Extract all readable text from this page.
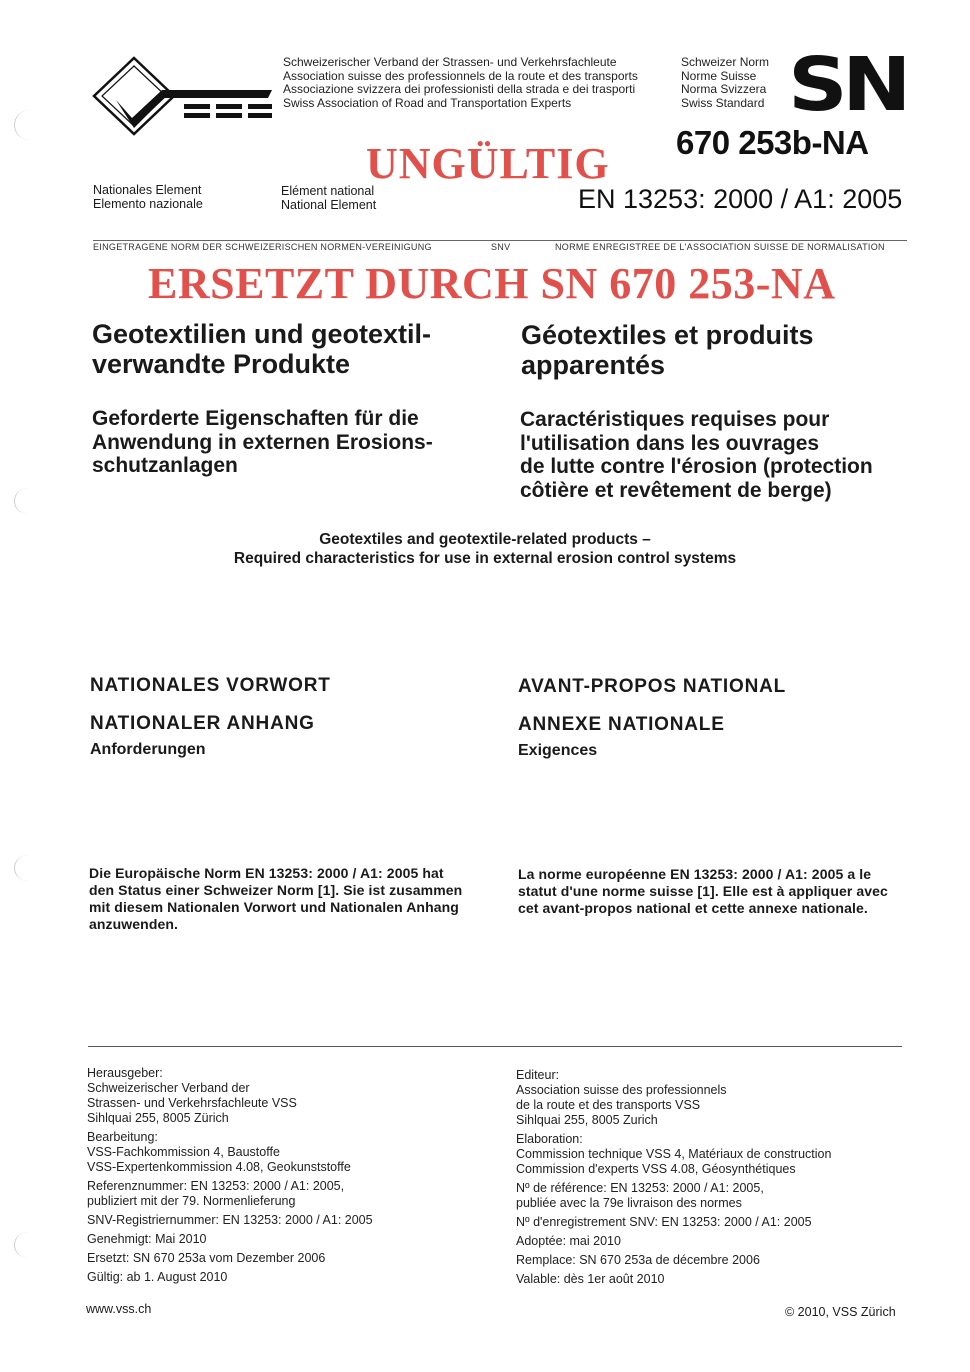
Schweizerischer Verband der Strassen- und Verkehrsfachleute
Association suisse des professionnels de la route et des transports
Associazione svizzera dei professionisti della strada e dei trasporti
Swiss Association of Road and Transportation Experts
Schweizer Norm
Norme Suisse
Norma Svizzera
Swiss Standard SN
670 253b-NA
UNGÜLTIG
Nationales Element
Elemento nazionale
Elément national
National Element	EN 13253: 2000 / A1: 2005
EINGETRAGENE NORM DER SCHWEIZERISCHEN NORMEN-VEREINIGUNG	SNV	NORME ENREGISTREE DE L'ASSOCIATION SUISSE DE NORMALISATION
ERSETZT DURCH SN 670 253-NA
Geotextilien und geotextil-
verwandte Produkte
Géotextiles et produits
apparentés
Geforderte Eigenschaften für die
Anwendung in externen Erosions-
schutzanlagen
Caractéristiques requises pour
l'utilisation dans les ouvrages
de lutte contre l'érosion (protection
côtière et revêtement de berge)
Geotextiles and geotextile-related products –
Required characteristics for use in external erosion control systems
NATIONALES VORWORT
NATIONALER ANHANG
Anforderungen
AVANT-PROPOS NATIONAL
ANNEXE NATIONALE
Exigences
Die Europäische Norm EN 13253: 2000 / A1: 2005 hat
den Status einer Schweizer Norm [1]. Sie ist zusammen
mit diesem Nationalen Vorwort und Nationalen Anhang
anzuwenden.
La norme européenne EN 13253: 2000 / A1: 2005 a le
statut d'une norme suisse [1]. Elle est à appliquer avec
cet avant-propos national et cette annexe nationale.
Herausgeber:
Schweizerischer Verband der
Strassen- und Verkehrsfachleute VSS
Sihlquai 255, 8005 Zürich
Bearbeitung:
VSS-Fachkommission 4, Baustoffe
VSS-Expertenkommission 4.08, Geokunststoffe
Referenznummer: EN 13253: 2000 / A1: 2005,
publiziert mit der 79. Normenlieferung
SNV-Registriernummer: EN 13253: 2000 / A1: 2005
Genehmigt: Mai 2010
Ersetzt: SN 670 253a vom Dezember 2006
Gültig: ab 1. August 2010
Editeur:
Association suisse des professionnels
de la route et des transports VSS
Sihlquai 255, 8005 Zurich
Elaboration:
Commission technique VSS 4, Matériaux de construction
Commission d'experts VSS 4.08, Géosynthétiques
Nº de référence: EN 13253: 2000 / A1: 2005,
publiée avec la 79e livraison des normes
Nº d'enregistrement SNV: EN 13253: 2000 / A1: 2005
Adoptée: mai 2010
Remplace: SN 670 253a de décembre 2006
Valable: dès 1er août 2010
www.vss.ch	© 2010, VSS Zürich
